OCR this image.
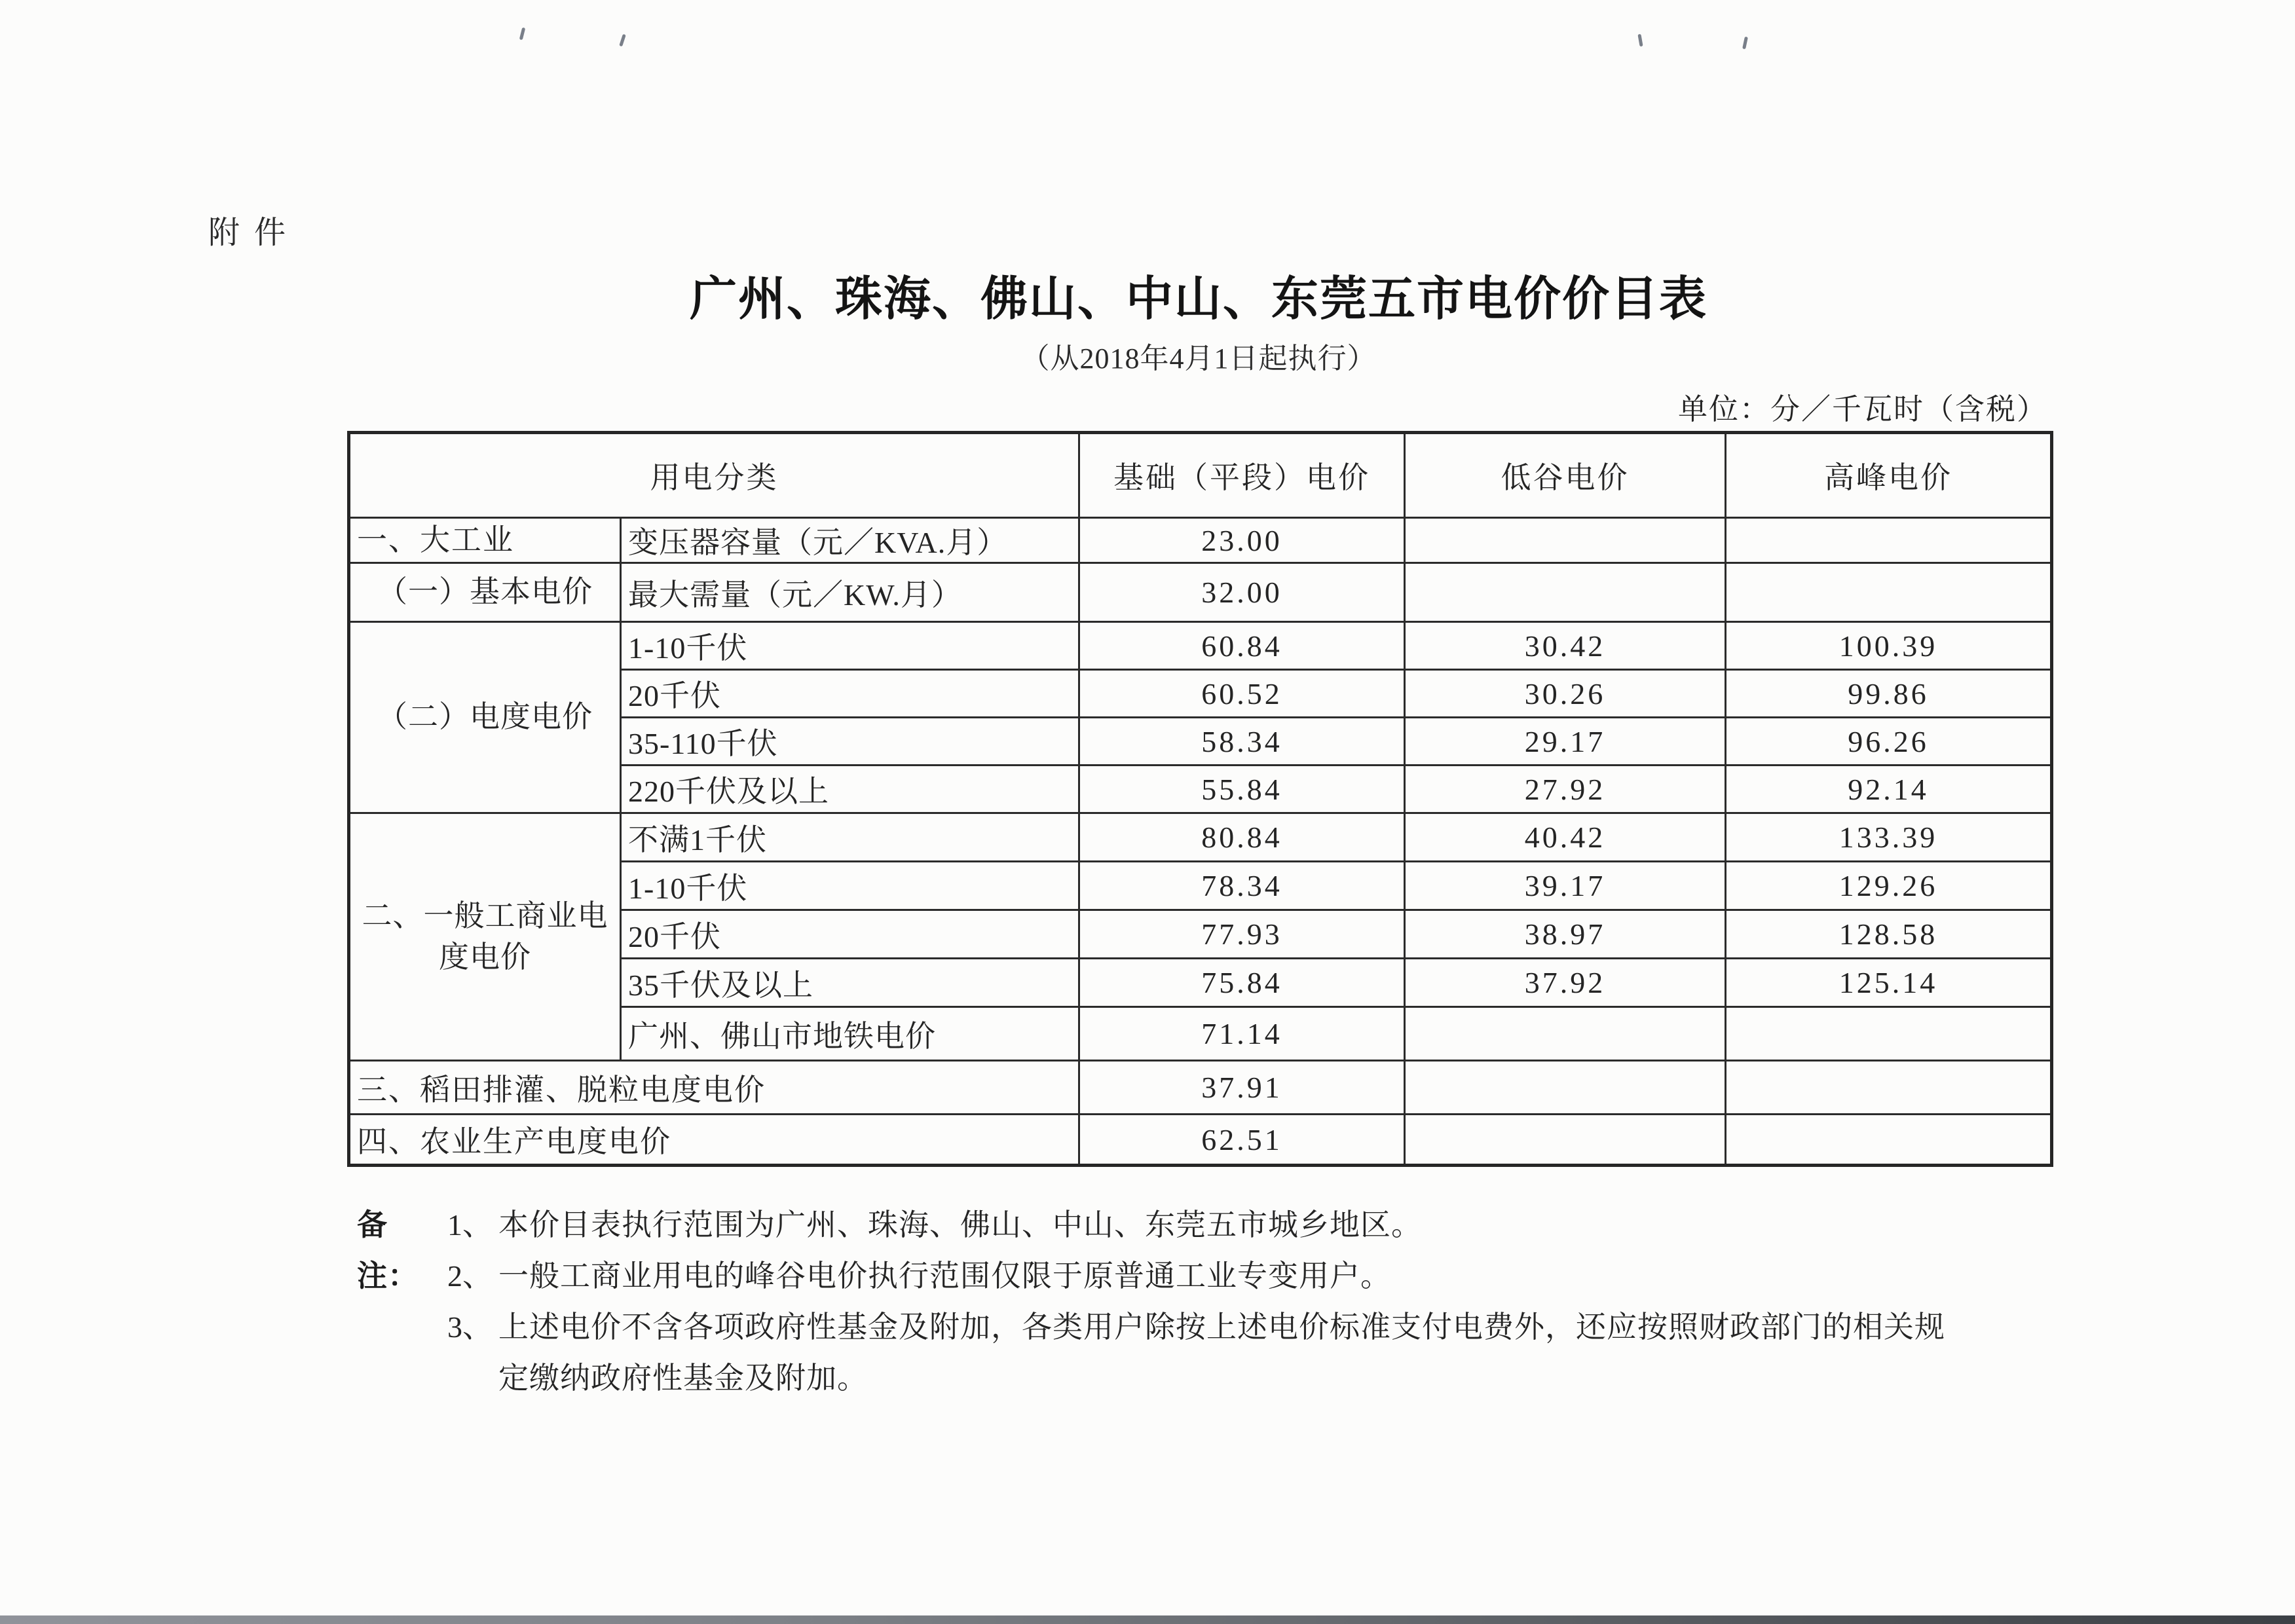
附件
广州、珠海、佛山、中山、东莞五市电价价目表
（从2018年4月1日起执行）
单位：分／千瓦时（含税）
用电分类		基础（平段）电价	低谷电价	高峰电价
一、大工业	变压器容量（元／KVA.月）	23.00		
（一）基本电价	最大需量（元／KW.月）	32.00		
（二）电度电价	1-10千伏	60.84	30.42	100.39
	20千伏	60.52	30.26	99.86
	35-110千伏	58.34	29.17	96.26
	220千伏及以上	55.84	27.92	92.14
二、一般工商业电度电价	不满1千伏	80.84	40.42	133.39
	1-10千伏	78.34	39.17	129.26
	20千伏	77.93	38.97	128.58
	35千伏及以上	75.84	37.92	125.14
	广州、佛山市地铁电价	71.14		
三、稻田排灌、脱粒电度电价		37.91		
四、农业生产电度电价		62.51		
备注：
1、 本价目表执行范围为广州、珠海、佛山、中山、东莞五市城乡地区。
2、 一般工商业用电的峰谷电价执行范围仅限于原普通工业专变用户。
3、 上述电价不含各项政府性基金及附加，各类用户除按上述电价标准支付电费外，还应按照财政部门的相关规定缴纳政府性基金及附加。
